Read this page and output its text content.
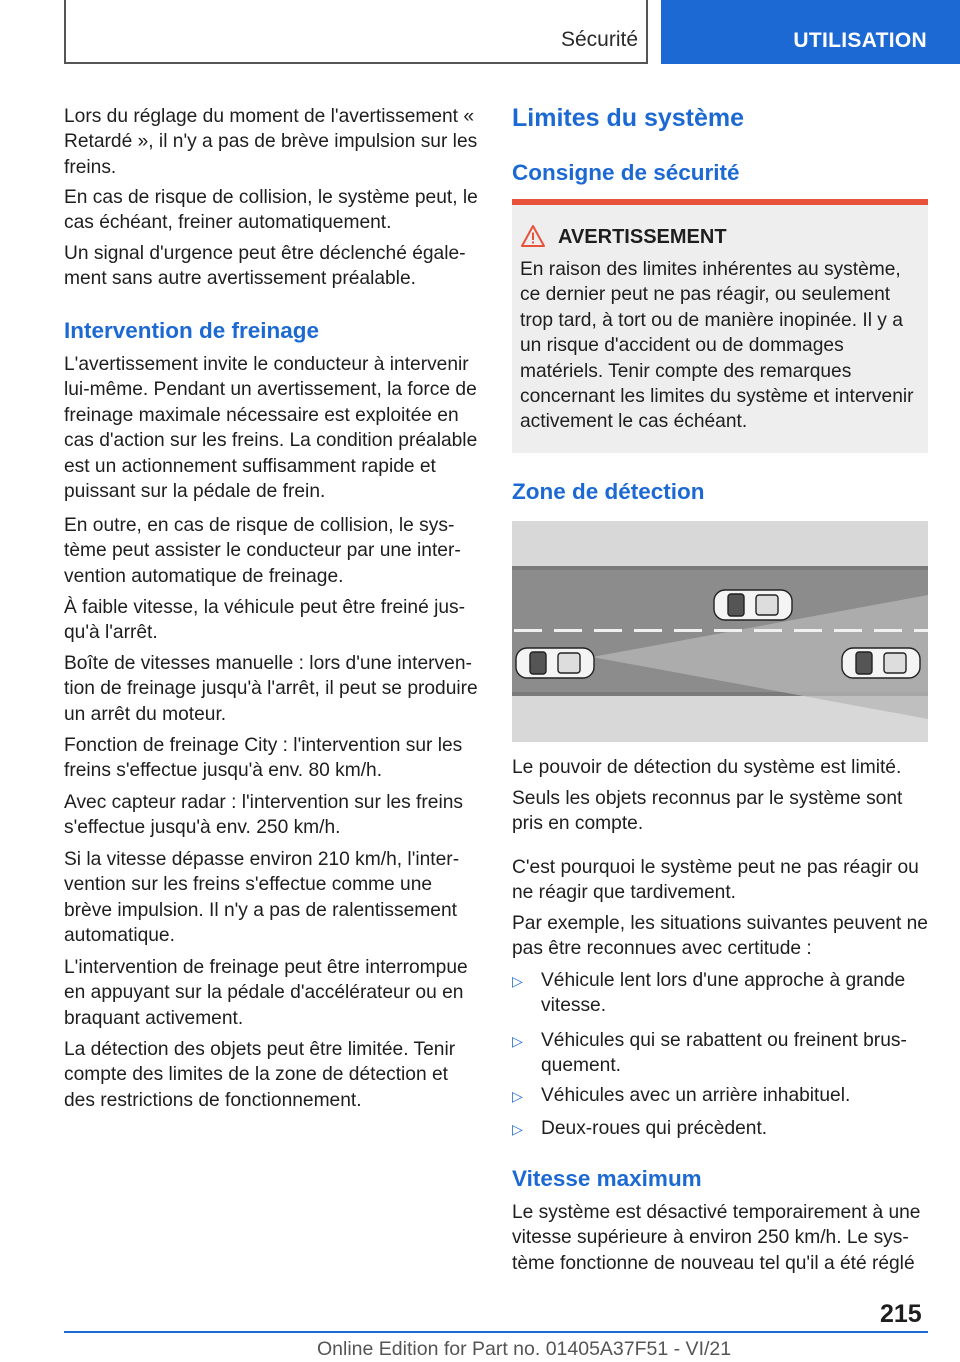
Sécurité	UTILISATION

Lors du réglage du moment de l'avertissement « Retardé », il n'y a pas de brève impulsion sur les freins.

En cas de risque de collision, le système peut, le cas échéant, freiner automatiquement.

Un signal d'urgence peut être déclenché également sans autre avertissement préalable.

Intervention de freinage

L'avertissement invite le conducteur à intervenir lui-même. Pendant un avertissement, la force de freinage maximale nécessaire est exploitée en cas d'action sur les freins. La condition préalable est un actionnement suffisamment rapide et puissant sur la pédale de frein.

En outre, en cas de risque de collision, le système peut assister le conducteur par une intervention automatique de freinage.

À faible vitesse, la véhicule peut être freiné jusqu'à l'arrêt.

Boîte de vitesses manuelle : lors d'une intervention de freinage jusqu'à l'arrêt, il peut se produire un arrêt du moteur.

Fonction de freinage City : l'intervention sur les freins s'effectue jusqu'à env. 80 km/h.

Avec capteur radar : l'intervention sur les freins s'effectue jusqu'à env. 250 km/h.

Si la vitesse dépasse environ 210 km/h, l'intervention sur les freins s'effectue comme une brève impulsion. Il n'y a pas de ralentissement automatique.

L'intervention de freinage peut être interrompue en appuyant sur la pédale d'accélérateur ou en braquant activement.

La détection des objets peut être limitée. Tenir compte des limites de la zone de détection et des restrictions de fonctionnement.

Limites du système
Consigne de sécurité
AVERTISSEMENT

En raison des limites inhérentes au système, ce dernier peut ne pas réagir, ou seulement trop tard, à tort ou de manière inopinée. Il y a un risque d'accident ou de dommages matériels. Tenir compte des remarques concernant les limites du système et intervenir activement le cas échéant.

Zone de détection

Le pouvoir de détection du système est limité.

Seuls les objets reconnus par le système sont pris en compte.

C'est pourquoi le système peut ne pas réagir ou ne réagir que tardivement.

Par exemple, les situations suivantes peuvent ne pas être reconnues avec certitude :

▷ Véhicule lent lors d'une approche à grande vitesse.

▷ Véhicules qui se rabattent ou freinent brusquement.

▷ Véhicules avec un arrière inhabituel.

▷ Deux-roues qui précèdent.

Vitesse maximum

Le système est désactivé temporairement à une vitesse supérieure à environ 250 km/h. Le système fonctionne de nouveau tel qu'il a été réglé

215
Online Edition for Part no. 01405A37F51 - VI/21
